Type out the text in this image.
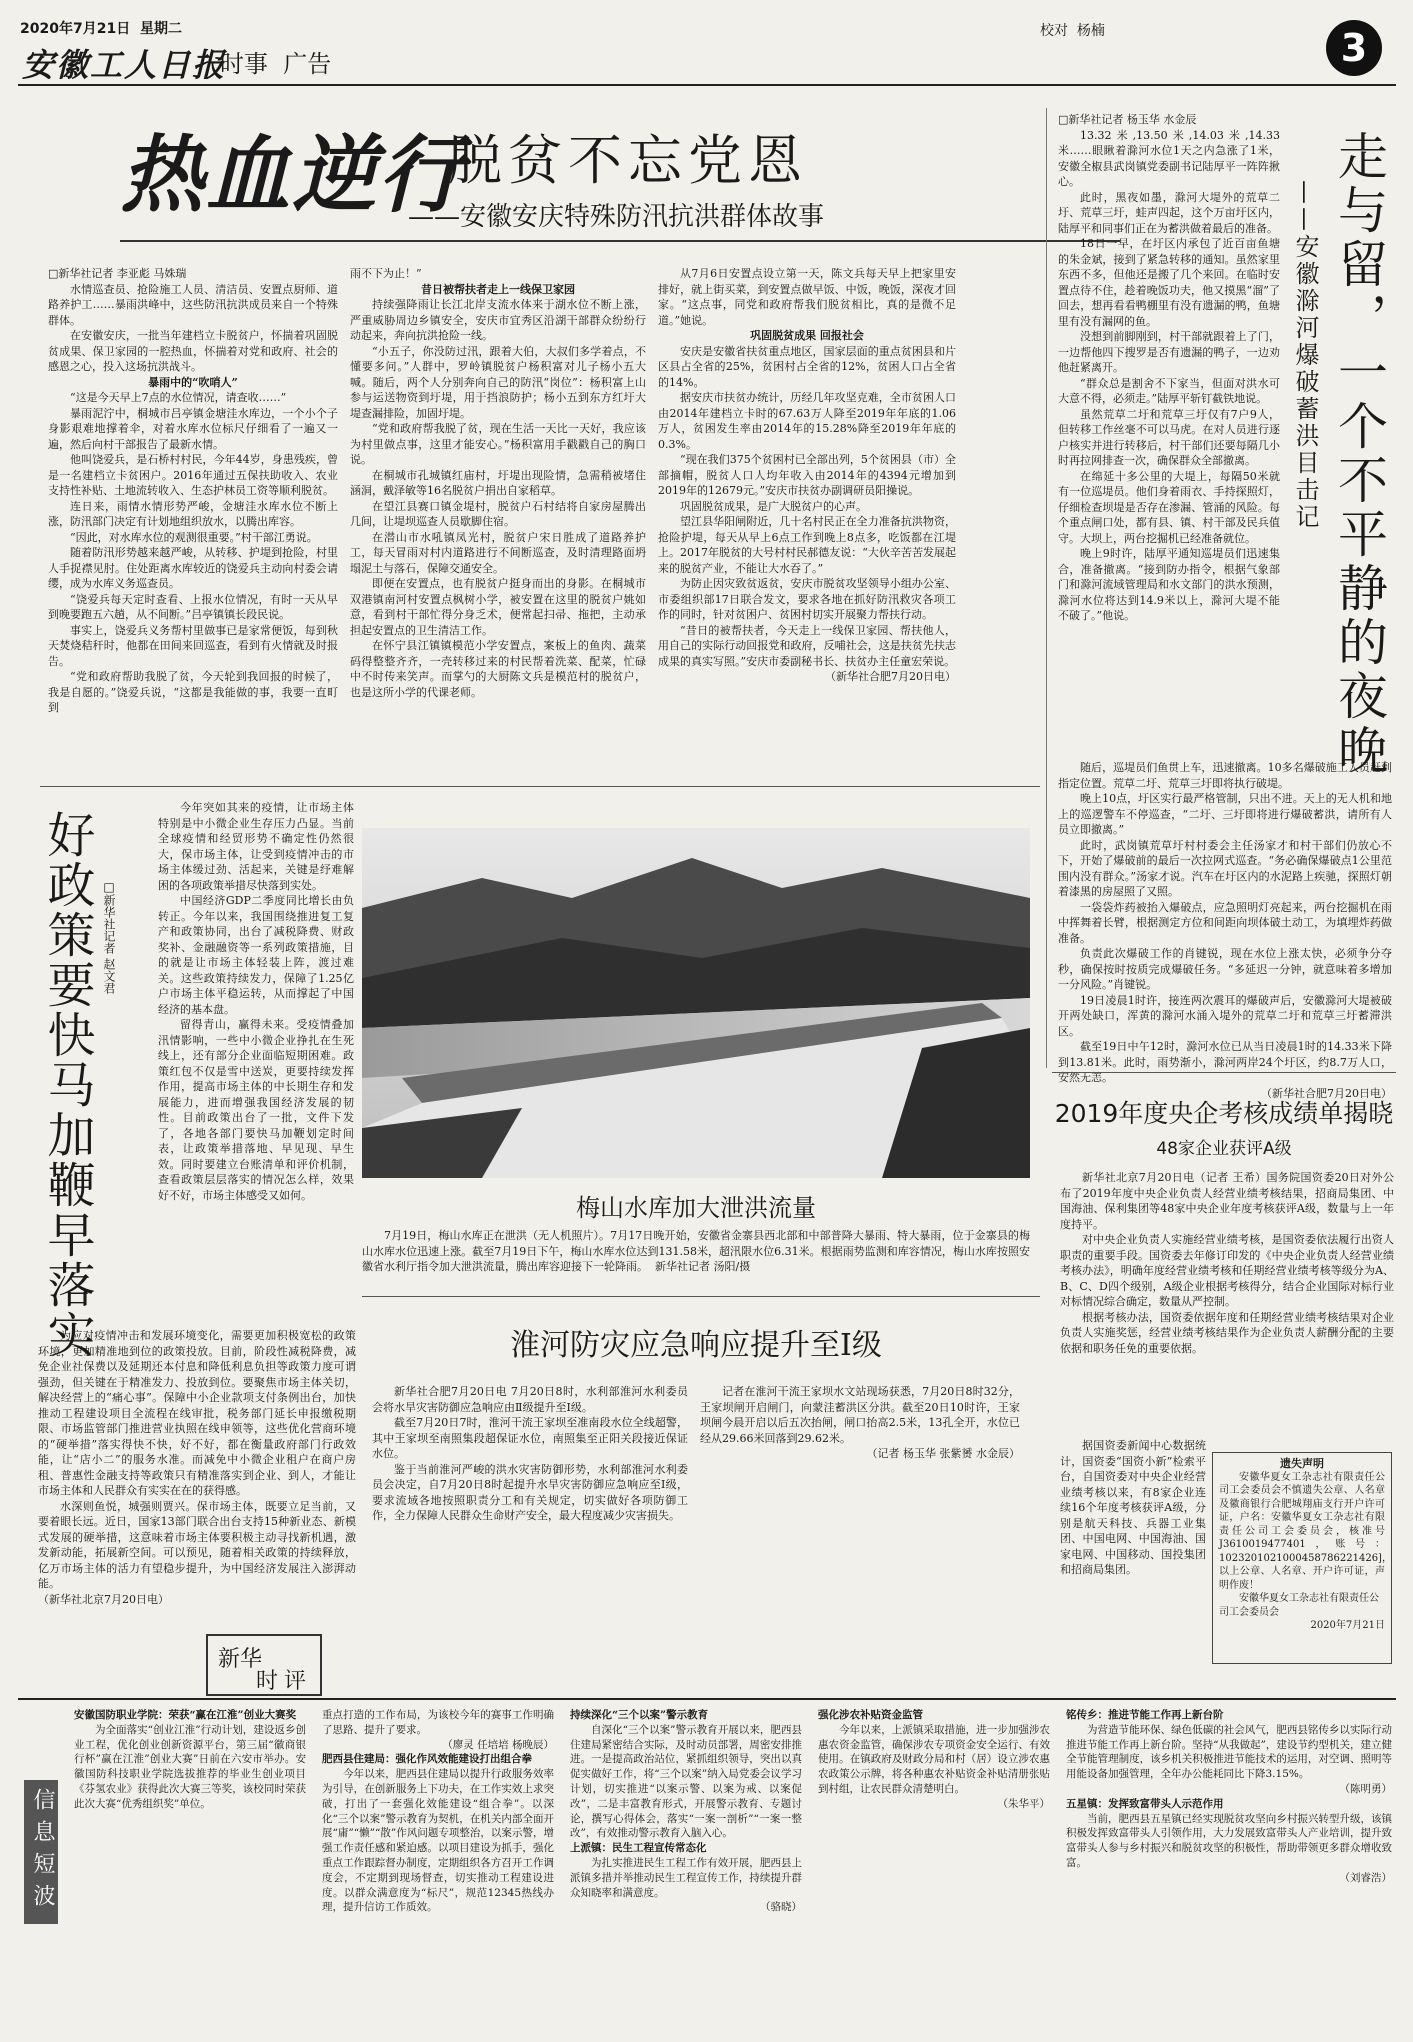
2020年7月21日 星期二
安徽工人日报
时事  广告
校对  杨楠	3
热血逆行
脱贫不忘党恩
——安徽安庆特殊防汛抗洪群体故事
□新华社记者 李亚彪 马姝瑞

水情巡查员、抢险施工人员、清洁员、安置点厨师、道路养护工……暴雨洪峰中，这些防汛抗洪成员来自一个特殊群体。

在安徽安庆，一批当年建档立卡脱贫户，怀揣着巩固脱贫成果、保卫家园的一腔热血，怀揣着对党和政府、社会的感恩之心，投入这场抗洪战斗。

暴雨中的“吹哨人”

“这是今天早上7点的水位情况，请查收……”

暴雨泥泞中，桐城市吕亭镇金塘洼水库边，一个小个子身影艰难地撑着伞，对着水库水位标尺仔细看了一遍又一遍，然后向村干部报告了最新水情。

他叫饶爱兵，是石桥村村民，今年44岁，身患残疾，曾是一名建档立卡贫困户。2016年通过五保扶助收入、农业支持性补贴、土地流转收入、生态护林员工资等顺利脱贫。

连日来，雨情水情形势严峻，金塘洼水库水位不断上涨，防汛部门决定有计划地组织放水，以腾出库容。

“因此，对水库水位的观测很重要。”村干部江勇说。

随着防汛形势越来越严峻，从转移、护堤到抢险，村里人手捉襟见肘。住处距离水库较近的饶爱兵主动向村委会请缨，成为水库义务巡查员。

“饶爱兵每天定时查看、上报水位情况，有时一天从早到晚要跑五六趟，从不间断。”吕亭镇镇长段民说。

事实上，饶爱兵义务帮村里做事已是家常便饭，每到秋天焚烧秸秆时，他都在田间来回巡查，看到有火情就及时报告。

“党和政府帮助我脱了贫，今天轮到我回报的时候了，我是自愿的。”饶爱兵说，“这都是我能做的事，我要一直町到

雨不下为止！”

昔日被帮扶者走上一线保卫家园

持续强降雨让长江北岸支流水体来于湖水位不断上涨，严重威胁周边乡镇安全，安庆市宜秀区沿湖干部群众纷纷行动起来，奔向抗洪抢险一线。

“小五子，你没防过汛，跟着大伯，大叔们多学着点，不懂要多问。”人群中，罗岭镇脱贫户杨积富对儿子杨小五大喊。随后，两个人分别奔向自己的防汛“岗位”：杨积富上山参与运送物资到圩堤，用于挡浪防护；杨小五到东方红圩大堤查漏排险，加固圩堤。

“党和政府帮我脱了贫，现在生活一天比一天好，我应该为村里做点事，这里才能安心。”杨积富用手戳戳自己的胸口说。

在桐城市孔城镇红庙村，圩堤出现险情，急需稍被堵住涵洞，戴泽敏等16名脱贫户捐出自家稻草。

在望江县赛口镇金堤村，脱贫户石村结将自家房屋腾出几间，让堤坝巡查人员歇脚住宿。

在潜山市水吼镇凤光村，脱贫户宋日胜成了道路养护工，每天冒雨对村内道路进行不间断巡查，及时清理路面坍塌泥土与落石，保障交通安全。

即便在安置点，也有脱贫户挺身而出的身影。在桐城市双港镇南河村安置点枫树小学，被安置在这里的脱贫户姚如意，看到村干部忙得分身乏术，便常起扫帚、拖把，主动承担起安置点的卫生清洁工作。

在怀宁县江镇镇模范小学安置点，案板上的鱼肉、蔬菜码得整整齐齐，一壳转移过来的村民帮着洗菜、配菜，忙碌中不时传来笑声。而掌勺的大厨陈文兵是模范村的脱贫户，也是这所小学的代课老师。

从7月6日安置点设立第一天，陈文兵每天早上把家里安排好，就上街买菜，到安置点做早饭、中饭，晚饭，深夜才回家。“这点事，同党和政府帮我们脱贫相比，真的是微不足道。”她说。

巩固脱贫成果 回报社会

安庆是安徽省扶贫重点地区，国家层面的重点贫困县和片区县占全省的25%，贫困村占全省的12%，贫困人口占全省的14%。

据安庆市扶贫办统计，历经几年攻坚克难，全市贫困人口由2014年建档立卡时的67.63万人降至2019年年底的1.06万人，贫困发生率由2014年的15.28%降至2019年年底的0.3%。

“现在我们375个贫困村已全部出列，5个贫困县（市）全部摘帽，脱贫人口人均年收入由2014年的4394元增加到2019年的12679元。”安庆市扶贫办副调研员阳操说。

巩固脱贫成果，是广大脱贫户的心声。

望江县华阳闸附近，几十名村民正在全力准备抗洪物资，抢险护堤，每天从早上6点工作到晚上8点多，吃饭都在江堤上。2017年脱贫的大号村村民郝德友说：“大伙辛苦苦发展起来的脱贫产业，不能让大水吞了。”

为防止因灾致贫返贫，安庆市脱贫攻坚领导小组办公室、市委组织部17日联合发文，要求各地在抓好防汛救灾各项工作的同时，针对贫困户、贫困村切实开展聚力帮扶行动。

“昔日的被帮扶者，今天走上一线保卫家园、帮扶他人，用自己的实际行动回报党和政府，反哺社会，这是扶贫先扶志成果的真实写照。”安庆市委副秘书长、扶贫办主任童宏荣说。

（新华社合肥7月20日电）
□新华社记者 杨玉华 水金辰

13.32米,13.50米,14.03米,14.33米……眼瞅着滁河水位1天之内急涨了1米，安徽全椒县武岗镇党委副书记陆厚平一阵阵揪心。

此时，黑夜如墨，滁河大堤外的荒草二圩、荒草三圩，蛙声四起，这个万亩圩区内，陆厚平和同事们正在为蓄洪做着最后的准备。

18日一早，在圩区内承包了近百亩鱼塘的朱金斌，接到了紧急转移的通知。虽然家里东西不多，但他还是搬了几个来回。在临时安置点待不住，趁着晚饭功夫，他又摸黑“溜”了回去，想再看看鸭棚里有没有遗漏的鸭，鱼塘里有没有漏网的鱼。

没想到前脚刚到，村干部就跟着上了门，一边帮他四下搜罗是否有遗漏的鸭子，一边劝他赶紧离开。

“群众总是割舍不下家当，但面对洪水可大意不得，必须走。”陆厚平斩钉截铁地说。

虽然荒草二圩和荒草三圩仅有7户9人，但转移工作丝毫不可以马虎。在对人员进行逐户核实并进行转移后，村干部们还要每隔几小时再拉网排查一次，确保群众全部撤离。

在绵延十多公里的大堤上，每隔50米就有一位巡堤员。他们身着雨衣、手持探照灯，仔细检查坝堤是否存在渗漏、管涌的风险。每个重点闸口处，都有县、镇、村干部及民兵值守。大坝上，两台挖掘机已经准备就位。

晚上9时许，陆厚平通知巡堤员们迅速集合，准备撤离。“接到防办指令，根据气象部门和滁河流域管理局和水文部门的洪水预测，滁河水位将达到14.9米以上，滁河大堤不能不破了。”他说。	走与留，一个不平静的夜晚
——安徽滁河爆破蓄洪目击记

随后，巡堤员们鱼贯上车，迅速撤离。10多名爆破施工人员赶到指定位置。荒草二圩、荒草三圩即将执行破堤。

晚上10点，圩区实行最严格管制，只出不进。天上的无人机和地上的巡逻警车不停巡查，“二圩、三圩即将进行爆破蓄洪，请所有人员立即撤离。”

此时，武岗镇荒草圩村村委会主任汤家才和村干部们仍放心不下，开始了爆破前的最后一次拉网式巡查。“务必确保爆破点1公里范围内没有群众。”汤家才说。汽车在圩区内的水泥路上疾驰，探照灯朝着漆黑的房屋照了又照。

一袋袋炸药被抬入爆破点，应急照明灯亮起来，两台挖掘机在雨中挥舞着长臂，根据测定方位和间距向坝体破土动工，为填埋炸药做准备。

负责此次爆破工作的肖键锐，现在水位上涨太快，必须争分夺秒，确保按时按质完成爆破任务。“多延迟一分钟，就意味着多增加一分风险。”肖键锐。

19日凌晨1时许，接连两次震耳的爆破声后，安徽滁河大堤被破开两处缺口，浑黄的滁河水涌入堤外的荒草二圩和荒草三圩蓄滞洪区。

截至19日中午12时，滁河水位已从当日凌晨1时的14.33米下降到13.81米。此时，雨势渐小，滁河两岸24个圩区，约8.7万人口，安然无恙。

（新华社合肥7月20日电）
好政策要快马加鞭早落实 □新华社记者 赵文君

今年突如其来的疫情，让市场主体特别是中小微企业生存压力凸显。当前全球疫情和经贸形势不确定性仍然很大，保市场主体，让受到疫情冲击的市场主体缓过劲、活起来，关键是纾难解困的各项政策举措尽快落到实处。

中国经济GDP二季度同比增长由负转正。今年以来，我国围绕推进复工复产和政策协同，出台了减税降费、财政奖补、金融融资等一系列政策措施，目的就是让市场主体轻装上阵，渡过难关。这些政策持续发力，保障了1.25亿户市场主体平稳运转，从而撑起了中国经济的基本盘。

留得青山，赢得未来。受疫情叠加汛情影响，一些中小微企业挣扎在生死线上，还有部分企业面临短期困难。政策红包不仅是雪中送炭，更要持续发挥作用，提高市场主体的中长期生存和发展能力，进而增强我国经济发展的韧性。目前政策出台了一批，文件下发了，各地各部门要快马加鞭划定时间表，让政策举措落地、早见现、早生效。同时要建立台账清单和评价机制，查看政策层层落实的情况怎么样，效果好不好，市场主体感受又如何。

为应对疫情冲击和发展环境变化，需要更加积极宽松的政策环境，更加精准地到位的政策投放。目前，阶段性减税降费，减免企业社保费以及延期还本付息和降低利息负担等政策力度可谓强劲，但关键在于精准发力、投放到位。要聚焦市场主体关切，解决经营上的“痛心事”。保障中小企业款项支付条例出台，加快推动工程建设项目全流程在线审批，税务部门延长申报缴税期限、市场监管部门推进营业执照在线申领等，这些优化营商环境的“硬举措”落实得快不快，好不好，都在衡量政府部门行政效能，让“店小二”的服务水准。而减免中小微企业租户在商户房租、普惠性金融支持等政策只有精准落实到企业、到人，才能让市场主体和人民群众有实实在在的获得感。

水深则鱼悦，城强则贾兴。保市场主体，既要立足当前，又要着眼长远。近日，国家13部门联合出台支持15种新业态、新模式发展的硬举措，这意味着市场主体要积极主动寻找新机遇，激发新动能，拓展新空间。可以预见，随着相关政策的持续释放，亿万市场主体的活力有望稳步提升，为中国经济发展注入澎湃动能。

（新华社北京7月20日电）
新华
时评
梅山水库加大泄洪流量

7月19日，梅山水库正在泄洪（无人机照片）。7月17日晚开始，安徽省金寨县西北部和中部普降大暴雨、特大暴雨，位于金寨县的梅山水库水位迅速上涨。截至7月19日下午，梅山水库水位达到131.58米，超汛限水位6.31米。根据雨势监测和库容情况，梅山水库按照安徽省水利厅指令加大泄洪流量，腾出库容迎接下一轮降雨。 新华社记者 汤阳/摄

淮河防灾应急响应提升至Ⅰ级

新华社合肥7月20日电 7月20日8时，水利部淮河水利委员会将水旱灾害防御应急响应由Ⅱ级提升至Ⅰ级。

截至7月20日7时，淮河干流王家坝至准南段水位全线超警，其中王家坝至南照集段超保证水位，南照集至正阳关段接近保证水位。

鉴于当前淮河严峻的洪水灾害防御形势，水利部淮河水利委员会决定，自7月20日8时起提升水旱灾害防御应急响应至Ⅰ级，要求流域各地按照职责分工和有关规定，切实做好各项防御工作，全力保障人民群众生命财产安全，最大程度减少灾害损失。

记者在淮河干流王家坝水文站现场获悉，7月20日8时32分，王家坝闸开启闸门，向蒙洼蓄洪区分洪。截至20日10时许，王家坝闸今晨开启以后五次抬闸，闸口抬高2.5米，13孔全开，水位已经从29.66米回落到29.62米。

（记者 杨玉华 张紫赟 水金辰）
2019年度央企考核成绩单揭晓
48家企业获评A级

新华社北京7月20日电（记者 王希）国务院国资委20日对外公布了2019年度中央企业负责人经营业绩考核结果，招商局集团、中国海油、保利集团等48家中央企业年度考核获评A级，数量与上一年度持平。

对中央企业负责人实施经营业绩考核，是国资委依法履行出资人职责的重要手段。国资委去年修订印发的《中央企业负责人经营业绩考核办法》，明确年度经营业绩考核和任期经营业绩考核等级分为A、B、C、D四个级别，A级企业根据考核得分，结合企业国际对标行业对标情况综合确定，数量从严控制。

根据考核办法，国资委依据年度和任期经营业绩考核结果对企业负责人实施奖惩，经营业绩考核结果作为企业负责人薪酬分配的主要依据和职务任免的重要依据。

据国资委新闻中心数据统计，国资委“国资小新”检索平台，自国资委对中央企业经营业绩考核以来，有8家企业连续16个年度考核获评A级，分别是航天科技、兵器工业集团、中国电网、中国海油、国家电网、中国移动、国投集团和招商局集团。

遗失声明
安徽华夏女工杂志社有限责任公司工会委员会不慎遗失公章、人名章及徽商银行合肥城翔庙支行开户许可证，户名：安徽华夏女工杂志社有限责任公司工会委员会，核准号J3610019477401，账号：1023201021000458786221426]，以上公章、人名章、开户许可证，声明作废！
安徽华夏女工杂志社有限责任公司工会委员会
2020年7月21日
信息短波

安徽国防职业学院：荣获“赢在江淮”创业大赛奖

为全面落实“创业江淮”行动计划，建设返乡创业工程，优化创业创新资源平台，第三届“徽商银行杯”赢在江淮”创业大赛”日前在六安市举办。安徽国防科技职业学院选拔推荐的毕业生创业项目《芬氢农业》获得此次大赛三等奖，该校同时荣获此次大赛“优秀组织奖”单位。

重点打造的工作布局，为该校今年的赛事工作明确了思路、提升了要求。

（廖灵 任培培 杨晚辰）

肥西县住建局：强化作风效能建设打出组合拳

今年以来，肥西县住建局以提升行政服务效率为引导，在创新服务上下功夫，在工作实效上求突破，打出了一套强化效能建设“组合拳”。以深化“三个以案”警示教育为契机，在机关内部全面开展“庸”“懒”“散”作风问题专项整治，以案示警，增强工作责任感和紧迫感。以项目建设为抓手，强化重点工作跟踪督办制度，定期组织各方召开工作调度会，不定期到现场督查，切实推动工程建设进度。以群众满意度为“标尺”，规范12345热线办理，提升信访工作质效。

持续深化“三个以案”警示教育

自深化“三个以案”警示教育开展以来，肥西县住建局紧密结合实际，及时动员部署，周密安排推进。一是提高政治站位，紧抓组织领导，突出以真促实做好工作，将“三个以案”纳入局党委会议学习计划，切实推进“以案示警、以案为戒、以案促改”，二是丰富教育形式，开展警示教育、专题讨论，撰写心得体会，落实“一案一剖析”“一案一整改”，有效推动警示教育入脑入心。

上派镇：民生工程宣传常态化

为扎实推进民生工程工作有效开展，肥西县上派镇多措并举推动民生工程宣传工作，持续提升群众知晓率和满意度。

（骆晓）

强化涉农补贴资金监管

今年以来，上派镇采取措施，进一步加强涉农惠农资金监管，确保涉农专项资金安全运行、有效使用。在镇政府及财政分局和村（居）设立涉农惠农政策公示牌，将各种惠农补贴资金补贴清册张贴到村组，让农民群众清楚明白。

（朱华平）

铭传乡：推进节能工作再上新台阶

为营造节能环保、绿色低碳的社会风气，肥西县铭传乡以实际行动推进节能工作再上新台阶。坚持“从我做起”，建设节约型机关，建立健全节能管理制度，该乡机关积极推进节能技术的运用，对空调、照明等用能设备加强管理，全年办公能耗同比下降3.15%。

（陈明勇）

五星镇：发挥致富带头人示范作用

当前，肥西县五星镇已经实现脱贫攻坚向乡村振兴转型升级，该镇积极发挥致富带头人引领作用，大力发展致富带头人产业培训，提升致富带头人参与乡村振兴和脱贫攻坚的积极性，帮助带领更多群众增收致富。

（刘睿浩）
